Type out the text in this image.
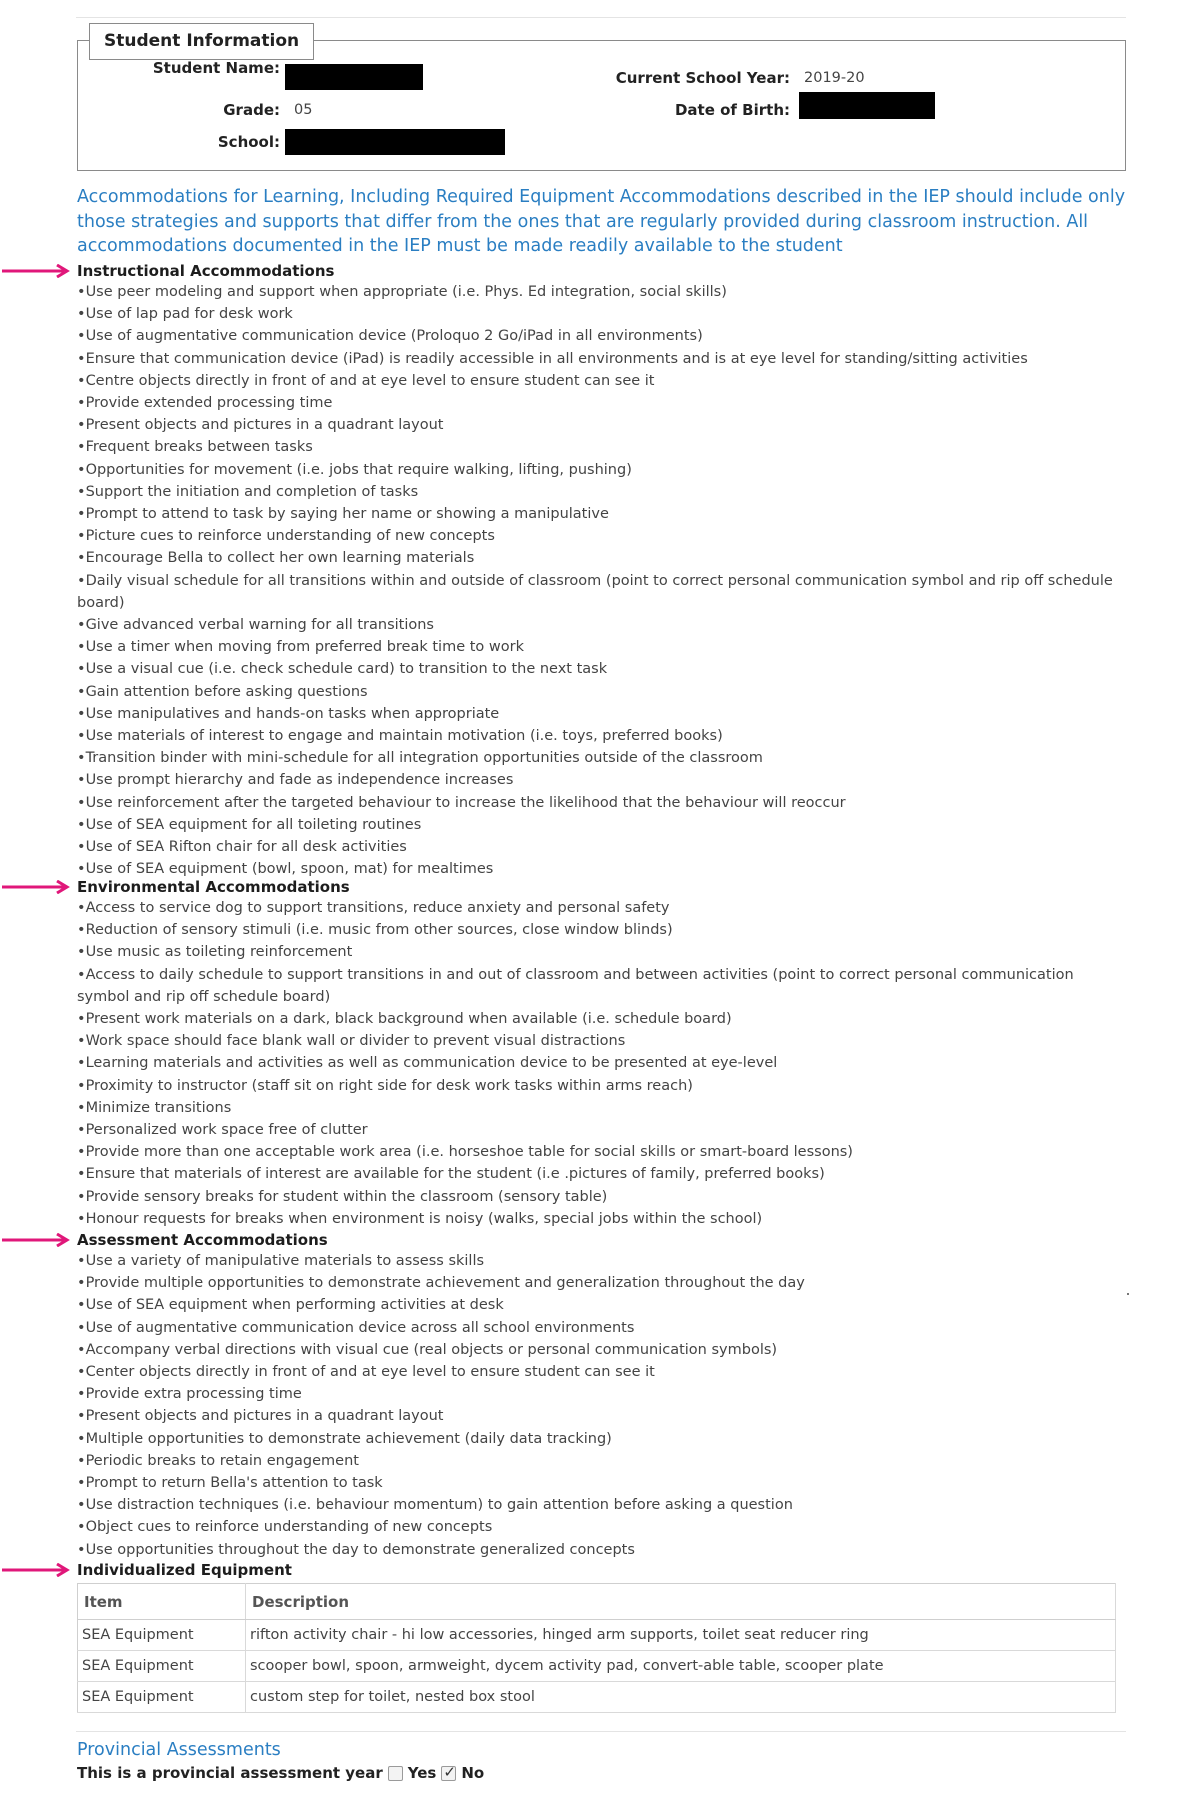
Student Information
Student Name:
Grade: 05
School:
Current School Year: 2019-20
Date of Birth:
Accommodations for Learning, Including Required Equipment Accommodations described in the IEP should include only those strategies and supports that differ from the ones that are regularly provided during classroom instruction. All accommodations documented in the IEP must be made readily available to the student
Instructional Accommodations
• Use peer modeling and support when appropriate (i.e. Phys. Ed integration, social skills)
• Use of lap pad for desk work
• Use of augmentative communication device (Proloquo 2 Go/iPad in all environments)
• Ensure that communication device (iPad) is readily accessible in all environments and is at eye level for standing/sitting activities
• Centre objects directly in front of and at eye level to ensure student can see it
• Provide extended processing time
• Present objects and pictures in a quadrant layout
• Frequent breaks between tasks
• Opportunities for movement (i.e. jobs that require walking, lifting, pushing)
• Support the initiation and completion of tasks
• Prompt to attend to task by saying her name or showing a manipulative
• Picture cues to reinforce understanding of new concepts
• Encourage Bella to collect her own learning materials
• Daily visual schedule for all transitions within and outside of classroom (point to correct personal communication symbol and rip off schedule board)
• Give advanced verbal warning for all transitions
• Use a timer when moving from preferred break time to work
• Use a visual cue (i.e. check schedule card) to transition to the next task
• Gain attention before asking questions
• Use manipulatives and hands-on tasks when appropriate
• Use materials of interest to engage and maintain motivation (i.e. toys, preferred books)
• Transition binder with mini-schedule for all integration opportunities outside of the classroom
• Use prompt hierarchy and fade as independence increases
• Use reinforcement after the targeted behaviour to increase the likelihood that the behaviour will reoccur
• Use of SEA equipment for all toileting routines
• Use of SEA Rifton chair for all desk activities
• Use of SEA equipment (bowl, spoon, mat) for mealtimes
Environmental Accommodations
• Access to service dog to support transitions, reduce anxiety and personal safety
• Reduction of sensory stimuli (i.e. music from other sources, close window blinds)
• Use music as toileting reinforcement
• Access to daily schedule to support transitions in and out of classroom and between activities (point to correct personal communication symbol and rip off schedule board)
• Present work materials on a dark, black background when available (i.e. schedule board)
• Work space should face blank wall or divider to prevent visual distractions
• Learning materials and activities as well as communication device to be presented at eye-level
• Proximity to instructor (staff sit on right side for desk work tasks within arms reach)
• Minimize transitions
• Personalized work space free of clutter
• Provide more than one acceptable work area (i.e. horseshoe table for social skills or smart-board lessons)
• Ensure that materials of interest are available for the student (i.e .pictures of family, preferred books)
• Provide sensory breaks for student within the classroom (sensory table)
• Honour requests for breaks when environment is noisy (walks, special jobs within the school)
Assessment Accommodations
• Use a variety of manipulative materials to assess skills
• Provide multiple opportunities to demonstrate achievement and generalization throughout the day
• Use of SEA equipment when performing activities at desk
• Use of augmentative communication device across all school environments
• Accompany verbal directions with visual cue (real objects or personal communication symbols)
• Center objects directly in front of and at eye level to ensure student can see it
• Provide extra processing time
• Present objects and pictures in a quadrant layout
• Multiple opportunities to demonstrate achievement (daily data tracking)
• Periodic breaks to retain engagement
• Prompt to return Bella's attention to task
• Use distraction techniques (i.e. behaviour momentum) to gain attention before asking a question
• Object cues to reinforce understanding of new concepts
• Use opportunities throughout the day to demonstrate generalized concepts
Individualized Equipment
Item	Description
SEA Equipment	rifton activity chair - hi low accessories, hinged arm supports, toilet seat reducer ring
SEA Equipment	scooper bowl, spoon, armweight, dycem activity pad, convert-able table, scooper plate
SEA Equipment	custom step for toilet, nested box stool
Provincial Assessments
This is a provincial assessment year Yes ✓ No
